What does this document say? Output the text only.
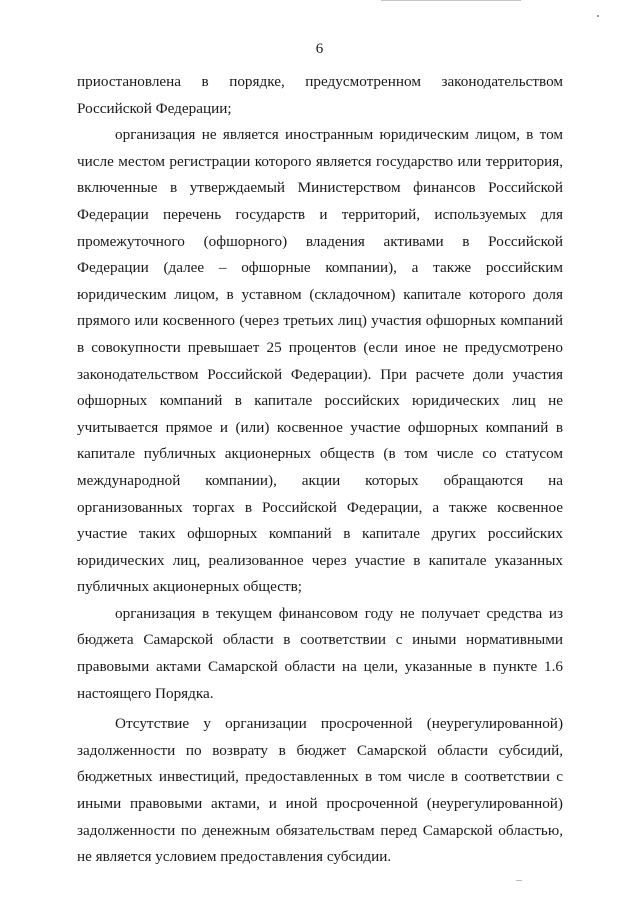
6

приостановлена в порядке, предусмотренном законодательством Российской Федерации;

организация не является иностранным юридическим лицом, в том числе местом регистрации которого является государство или территория, включенные в утверждаемый Министерством финансов Российской Федерации перечень государств и территорий, используемых для промежуточного (офшорного) владения активами в Российской Федерации (далее – офшорные компании), а также российским юридическим лицом, в уставном (складочном) капитале которого доля прямого или косвенного (через третьих лиц) участия офшорных компаний в совокупности превышает 25 процентов (если иное не предусмотрено законодательством Российской Федерации). При расчете доли участия офшорных компаний в капитале российских юридических лиц не учитывается прямое и (или) косвенное участие офшорных компаний в капитале публичных акционерных обществ (в том числе со статусом международной компании), акции которых обращаются на организованных торгах в Российской Федерации, а также косвенное участие таких офшорных компаний в капитале других российских юридических лиц, реализованное через участие в капитале указанных публичных акционерных обществ;

организация в текущем финансовом году не получает средства из бюджета Самарской области в соответствии с иными нормативными правовыми актами Самарской области на цели, указанные в пункте 1.6 настоящего Порядка.

Отсутствие у организации просроченной (неурегулированной) задолженности по возврату в бюджет Самарской области субсидий, бюджетных инвестиций, предоставленных в том числе в соответствии с иными правовыми актами, и иной просроченной (неурегулированной) задолженности по денежным обязательствам перед Самарской областью, не является условием предоставления субсидии.
